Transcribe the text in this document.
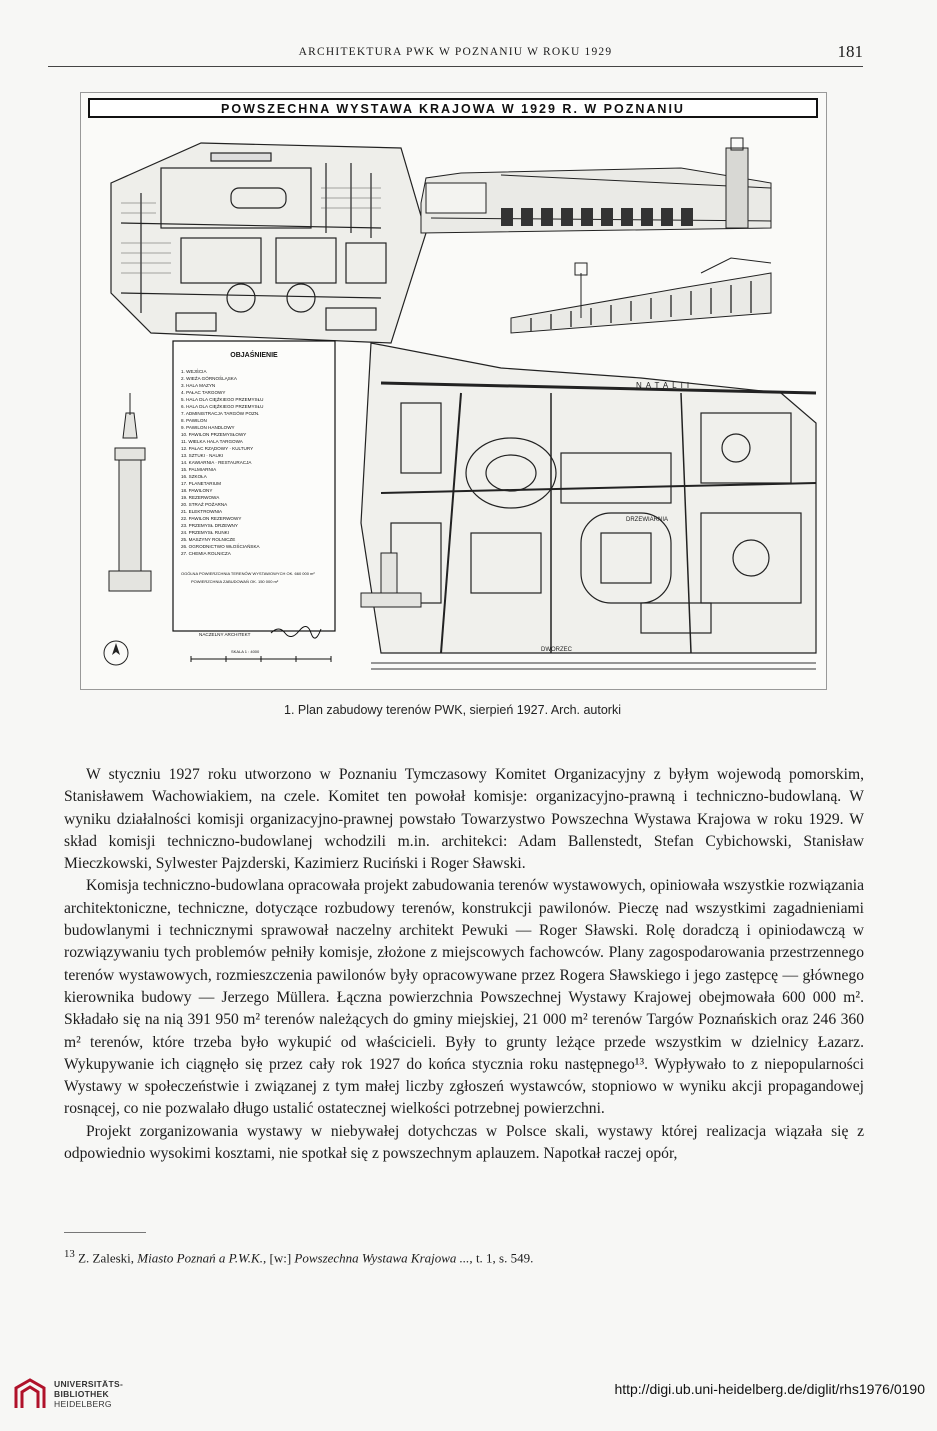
ARCHITEKTURA PWK W POZNANIU W ROKU 1929	181
POWSZECHNA WYSTAWA KRAJOWA W 1929 R. W POZNANIU
NATALII
DRZEWIARNIA
DWORZEC
OBJAŚNIENIE
1. WEJŚCIA
2. WIEŻA GÓRNOŚLĄSKA
3. HALA MAZYN
4. PAŁAC TARGOWY
5. HALA DLA CIĘŻKIEGO PRZEMYSŁU
6. HALA DLA CIĘŻKIEGO PRZEMYSŁU
7. ADMINISTRACJA TARGÓW POZN.
8. PAWILON
9. PAWILON HANDLOWY
10. PAWILON PRZEMYSŁOWY
11. WIELKA HALA TARGOWA
12. PAŁAC RZĄDOWY · KULTURY
13. SZTUKI · NAUKI
14. KAWIARNIA · RESTAURACJA
15. PALMIARNIA
16. SZKOŁA
17. PLANETARIUM
18. PAWILONY
19. REZERWOWA
20. STRAŻ POŻARNA
21. ELEKTROWNIA
22. PAWILON REZERWOWY
23. PRZEMYSŁ DRZEWNY
24. PRZEMYSŁ RUNKI
25. MASZYNY ROLNICZE
26. OGRODNICTWO WŁOŚCIAŃSKA
27. CHEMIA ROLNICZA
OGÓLNA POWIERZCHNIA TERENÓW WYSTAWOWYCH OK. 660 000 m²
POWIERZCHNIA ZABUDOWAŃ OK. 150 000 m²
NACZELNY ARCHITEKT
SKALA 1 : 4000
1. Plan zabudowy terenów PWK, sierpień 1927. Arch. autorki

W styczniu 1927 roku utworzono w Poznaniu Tymczasowy Komitet Organizacyjny z byłym wojewodą pomorskim, Stanisławem Wachowiakiem, na czele. Komitet ten powołał komisje: organizacyjno-prawną i techniczno-budowlaną. W wyniku działalności komisji organizacyjno-prawnej powstało Towarzystwo Powszechna Wystawa Krajowa w roku 1929. W skład komisji techniczno-budowlanej wchodzili m.in. architekci: Adam Ballenstedt, Stefan Cybichowski, Stanisław Mieczkowski, Sylwester Pajzderski, Kazimierz Ruciński i Roger Sławski.

Komisja techniczno-budowlana opracowała projekt zabudowania terenów wystawowych, opiniowała wszystkie rozwiązania architektoniczne, techniczne, dotyczące rozbudowy terenów, konstrukcji pawilonów. Pieczę nad wszystkimi zagadnieniami budowlanymi i technicznymi sprawował naczelny architekt Pewuki — Roger Sławski. Rolę doradczą i opiniodawczą w rozwiązywaniu tych problemów pełniły komisje, złożone z miejscowych fachowców. Plany zagospodarowania przestrzennego terenów wystawowych, rozmieszczenia pawilonów były opracowywane przez Rogera Sławskiego i jego zastępcę — głównego kierownika budowy — Jerzego Müllera. Łączna powierzchnia Powszechnej Wystawy Krajowej obejmowała 600 000 m². Składało się na nią 391 950 m² terenów należących do gminy miejskiej, 21 000 m² terenów Targów Poznańskich oraz 246 360 m² terenów, które trzeba było wykupić od właścicieli. Były to grunty leżące przede wszystkim w dzielnicy Łazarz. Wykupywanie ich ciągnęło się przez cały rok 1927 do końca stycznia roku następnego¹³. Wypływało to z niepopularności Wystawy w społeczeństwie i związanej z tym małej liczby zgłoszeń wystawców, stopniowo w wyniku akcji propagandowej rosnącej, co nie pozwalało długo ustalić ostatecznej wielkości potrzebnej powierzchni.

Projekt zorganizowania wystawy w niebywałej dotychczas w Polsce skali, wystawy której realizacja wiązała się z odpowiednio wysokimi kosztami, nie spotkał się z powszechnym aplauzem. Napotkał raczej opór,

$^{13}$ Z. Zaleski, Miasto Poznań a P.W.K., [w:] Powszechna Wystawa Krajowa ..., t. 1, s. 549.
UNIVERSITÄTS-
BIBLIOTHEK
HEIDELBERG
http://digi.ub.uni-heidelberg.de/diglit/rhs1976/0190
